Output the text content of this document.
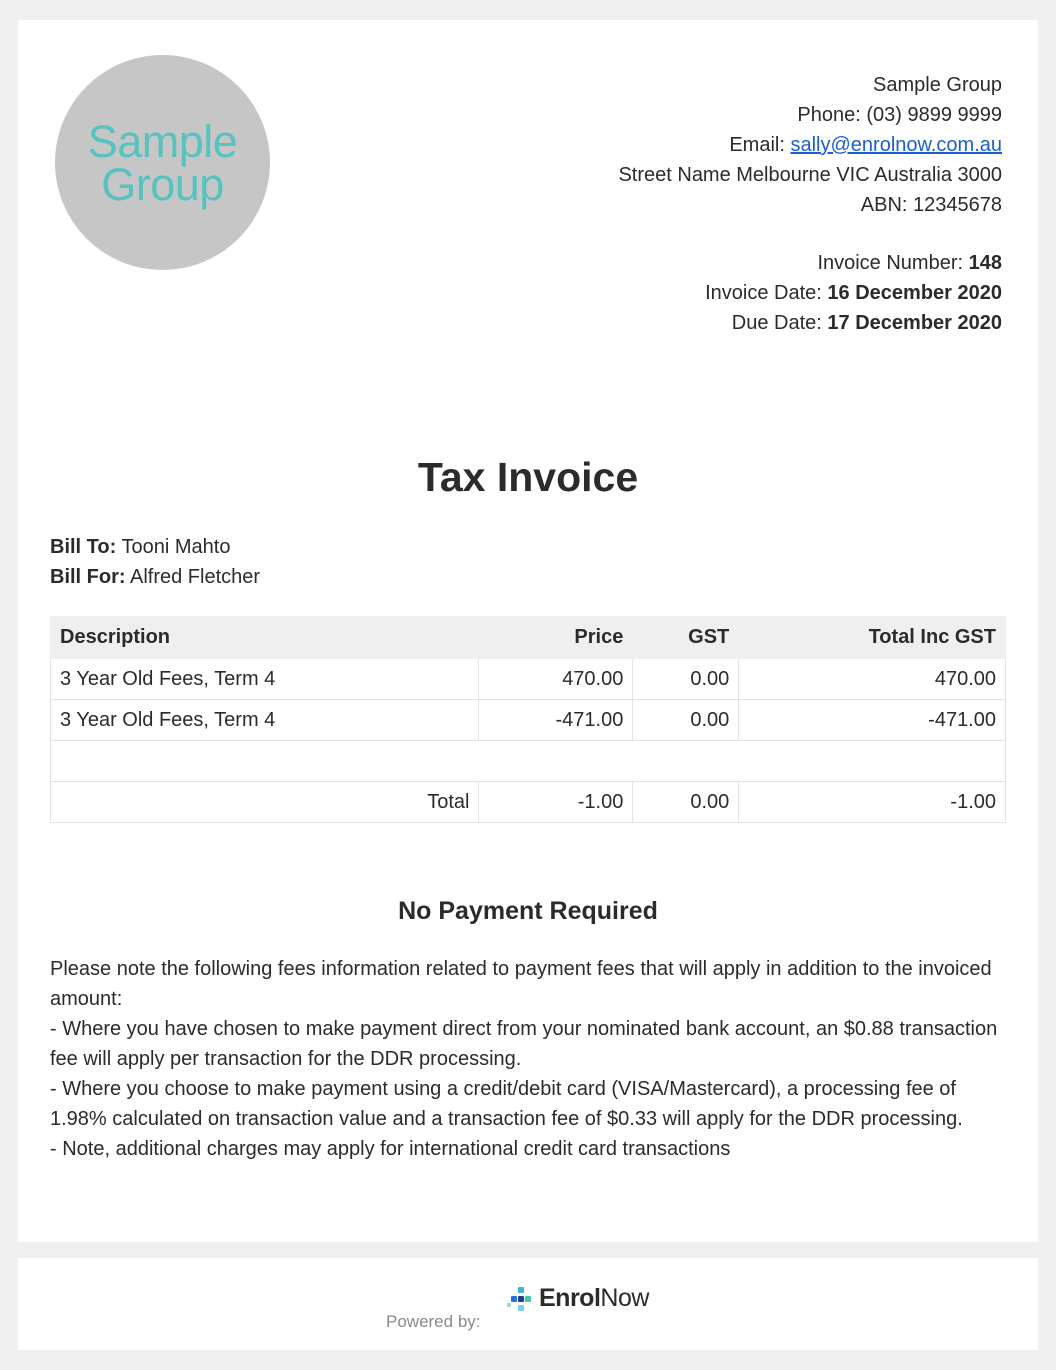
Sample
Group
Sample Group
Phone: (03) 9899 9999
Email: sally@enrolnow.com.au
Street Name Melbourne VIC Australia 3000
ABN: 12345678
Invoice Number: 148
Invoice Date: 16 December 2020
Due Date: 17 December 2020
Tax Invoice
Bill To: Tooni Mahto
Bill For: Alfred Fletcher
Description	Price	GST	Total Inc GST
3 Year Old Fees, Term 4	470.00	0.00	470.00
3 Year Old Fees, Term 4	-471.00	0.00	-471.00

Total	-1.00	0.00	-1.00
No Payment Required

Please note the following fees information related to payment fees that will apply in addition to the invoiced amount:

- Where you have chosen to make payment direct from your nominated bank account, an $0.88 transaction fee will apply per transaction for the DDR processing.

- Where you choose to make payment using a credit/debit card (VISA/Mastercard), a processing fee of 1.98% calculated on transaction value and a transaction fee of $0.33 will apply for the DDR processing.

- Note, additional charges may apply for international credit card transactions

Powered by:
EnrolNow
